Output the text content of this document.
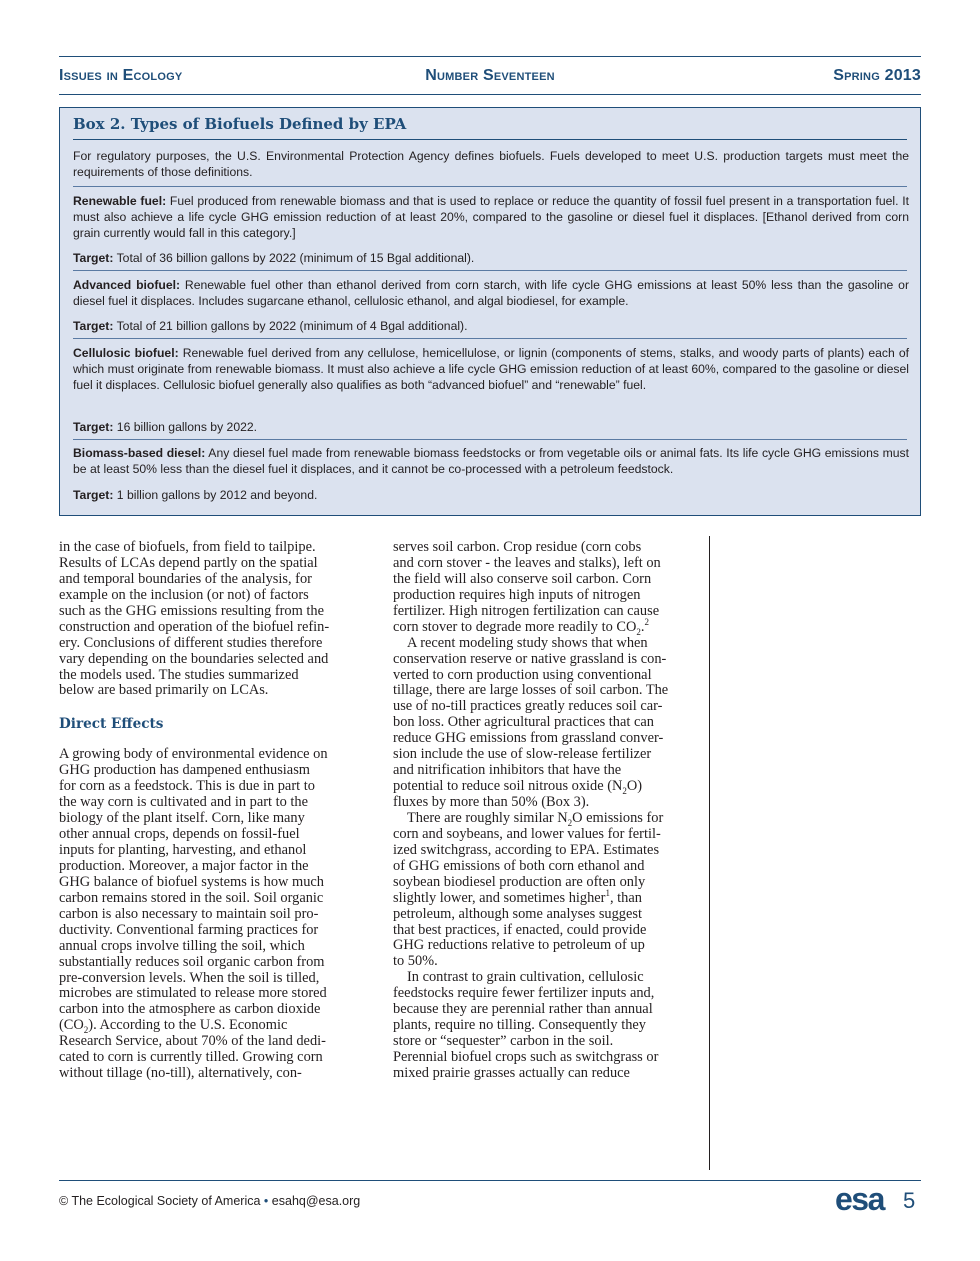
Issues in Ecology	Number Seventeen	Spring 2013
Box 2. Types of Biofuels Defined by EPA

For regulatory purposes, the U.S. Environmental Protection Agency defines biofuels. Fuels developed to meet U.S. production targets must meet the requirements of those definitions.

Renewable fuel: Fuel produced from renewable biomass and that is used to replace or reduce the quantity of fossil fuel present in a transportation fuel. It must also achieve a life cycle GHG emission reduction of at least 20%, compared to the gasoline or diesel fuel it displaces. [Ethanol derived from corn grain currently would fall in this category.]

Target: Total of 36 billion gallons by 2022 (minimum of 15 Bgal additional).

Advanced biofuel: Renewable fuel other than ethanol derived from corn starch, with life cycle GHG emissions at least 50% less than the gasoline or diesel fuel it displaces. Includes sugarcane ethanol, cellulosic ethanol, and algal biodiesel, for example.

Target: Total of 21 billion gallons by 2022 (minimum of 4 Bgal additional).

Cellulosic biofuel: Renewable fuel derived from any cellulose, hemicellulose, or lignin (components of stems, stalks, and woody parts of plants) each of which must originate from renewable biomass. It must also achieve a life cycle GHG emission reduction of at least 60%, compared to the gasoline or diesel fuel it displaces. Cellulosic biofuel generally also qualifies as both “advanced biofuel” and “renewable” fuel.

Target: 16 billion gallons by 2022.

Biomass-based diesel: Any diesel fuel made from renewable biomass feedstocks or from vegetable oils or animal fats. Its life cycle GHG emissions must be at least 50% less than the diesel fuel it displaces, and it cannot be co-processed with a petroleum feedstock.

Target: 1 billion gallons by 2012 and beyond.

in the case of biofuels, from field to tailpipe.
Results of LCAs depend partly on the spatial
and temporal boundaries of the analysis, for
example on the inclusion (or not) of factors
such as the GHG emissions resulting from the
construction and operation of the biofuel refin-
ery. Conclusions of different studies therefore
vary depending on the boundaries selected and
the models used. The studies summarized
below are based primarily on LCAs.
Direct Effects
A growing body of environmental evidence on
GHG production has dampened enthusiasm
for corn as a feedstock. This is due in part to
the way corn is cultivated and in part to the
biology of the plant itself. Corn, like many
other annual crops, depends on fossil-fuel
inputs for planting, harvesting, and ethanol
production. Moreover, a major factor in the
GHG balance of biofuel systems is how much
carbon remains stored in the soil. Soil organic
carbon is also necessary to maintain soil pro-
ductivity. Conventional farming practices for
annual crops involve tilling the soil, which
substantially reduces soil organic carbon from
pre-conversion levels. When the soil is tilled,
microbes are stimulated to release more stored
carbon into the atmosphere as carbon dioxide
$(CO_2)$. According to the U.S. Economic
Research Service, about 70% of the land dedi-
cated to corn is currently tilled. Growing corn
without tillage (no-till), alternatively, con-
serves soil carbon. Crop residue (corn cobs
and corn stover - the leaves and stalks), left on
the field will also conserve soil carbon. Corn
production requires high inputs of nitrogen
fertilizer. High nitrogen fertilization can cause
corn stover to degrade more readily to $CO_2.^2$
A recent modeling study shows that when
conservation reserve or native grassland is con-
verted to corn production using conventional
tillage, there are large losses of soil carbon. The
use of no-till practices greatly reduces soil car-
bon loss. Other agricultural practices that can
reduce GHG emissions from grassland conver-
sion include the use of slow-release fertilizer
and nitrification inhibitors that have the
potential to reduce soil nitrous oxide $(N_2O)$
fluxes by more than 50% (Box 3).
There are roughly similar $N_2O$ emissions for
corn and soybeans, and lower values for fertil-
ized switchgrass, according to EPA. Estimates
of GHG emissions of both corn ethanol and
soybean biodiesel production are often only
slightly lower, and sometimes higher$^1$, than
petroleum, although some analyses suggest
that best practices, if enacted, could provide
GHG reductions relative to petroleum of up
to 50%.
In contrast to grain cultivation, cellulosic
feedstocks require fewer fertilizer inputs and,
because they are perennial rather than annual
plants, require no tilling. Consequently they
store or “sequester” carbon in the soil.
Perennial biofuel crops such as switchgrass or
mixed prairie grasses actually can reduce
© The Ecological Society of America • esahq@esa.org	esa 5
